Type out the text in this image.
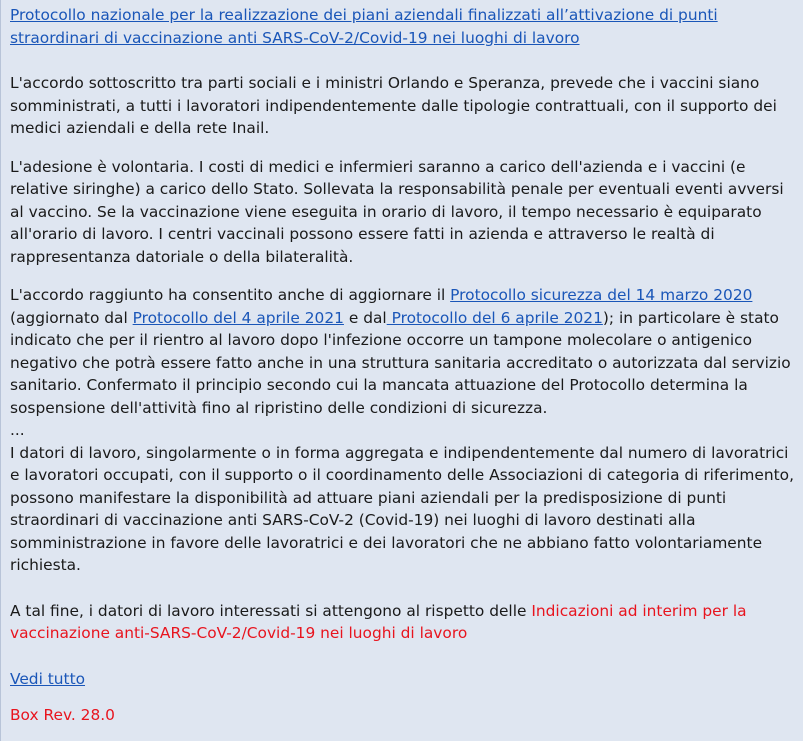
Protocollo nazionale per la realizzazione dei piani aziendali finalizzati all’attivazione di punti straordinari di vaccinazione anti SARS-CoV-2/Covid-19 nei luoghi di lavoro

L'accordo sottoscritto tra parti sociali e i ministri Orlando e Speranza, prevede che i vaccini siano somministrati, a tutti i lavoratori indipendentemente dalle tipologie contrattuali, con il supporto dei medici aziendali e della rete Inail.

L'adesione è volontaria. I costi di medici e infermieri saranno a carico dell'azienda e i vaccini (e relative siringhe) a carico dello Stato. Sollevata la responsabilità penale per eventuali eventi avversi al vaccino. Se la vaccinazione viene eseguita in orario di lavoro, il tempo necessario è equiparato all'orario di lavoro. I centri vaccinali possono essere fatti in azienda e attraverso le realtà di rappresentanza datoriale o della bilateralità.

L'accordo raggiunto ha consentito anche di aggiornare il Protocollo sicurezza del 14 marzo 2020 (aggiornato dal Protocollo del 4 aprile 2021 e dal Protocollo del 6 aprile 2021); in particolare è stato indicato che per il rientro al lavoro dopo l'infezione occorre un tampone molecolare o antigenico negativo che potrà essere fatto anche in una struttura sanitaria accreditato o autorizzata dal servizio sanitario. Confermato il principio secondo cui la mancata attuazione del Protocollo determina la sospensione dell'attività fino al ripristino delle condizioni di sicurezza.

...

I datori di lavoro, singolarmente o in forma aggregata e indipendentemente dal numero di lavoratrici e lavoratori occupati, con il supporto o il coordinamento delle Associazioni di categoria di riferimento, possono manifestare la disponibilità ad attuare piani aziendali per la predisposizione di punti straordinari di vaccinazione anti SARS-CoV-2 (Covid-19) nei luoghi di lavoro destinati alla somministrazione in favore delle lavoratrici e dei lavoratori che ne abbiano fatto volontariamente richiesta.

A tal fine, i datori di lavoro interessati si attengono al rispetto delle Indicazioni ad interim per la vaccinazione anti-SARS-CoV-2/Covid-19 nei luoghi di lavoro

Vedi tutto

Box Rev. 28.0
